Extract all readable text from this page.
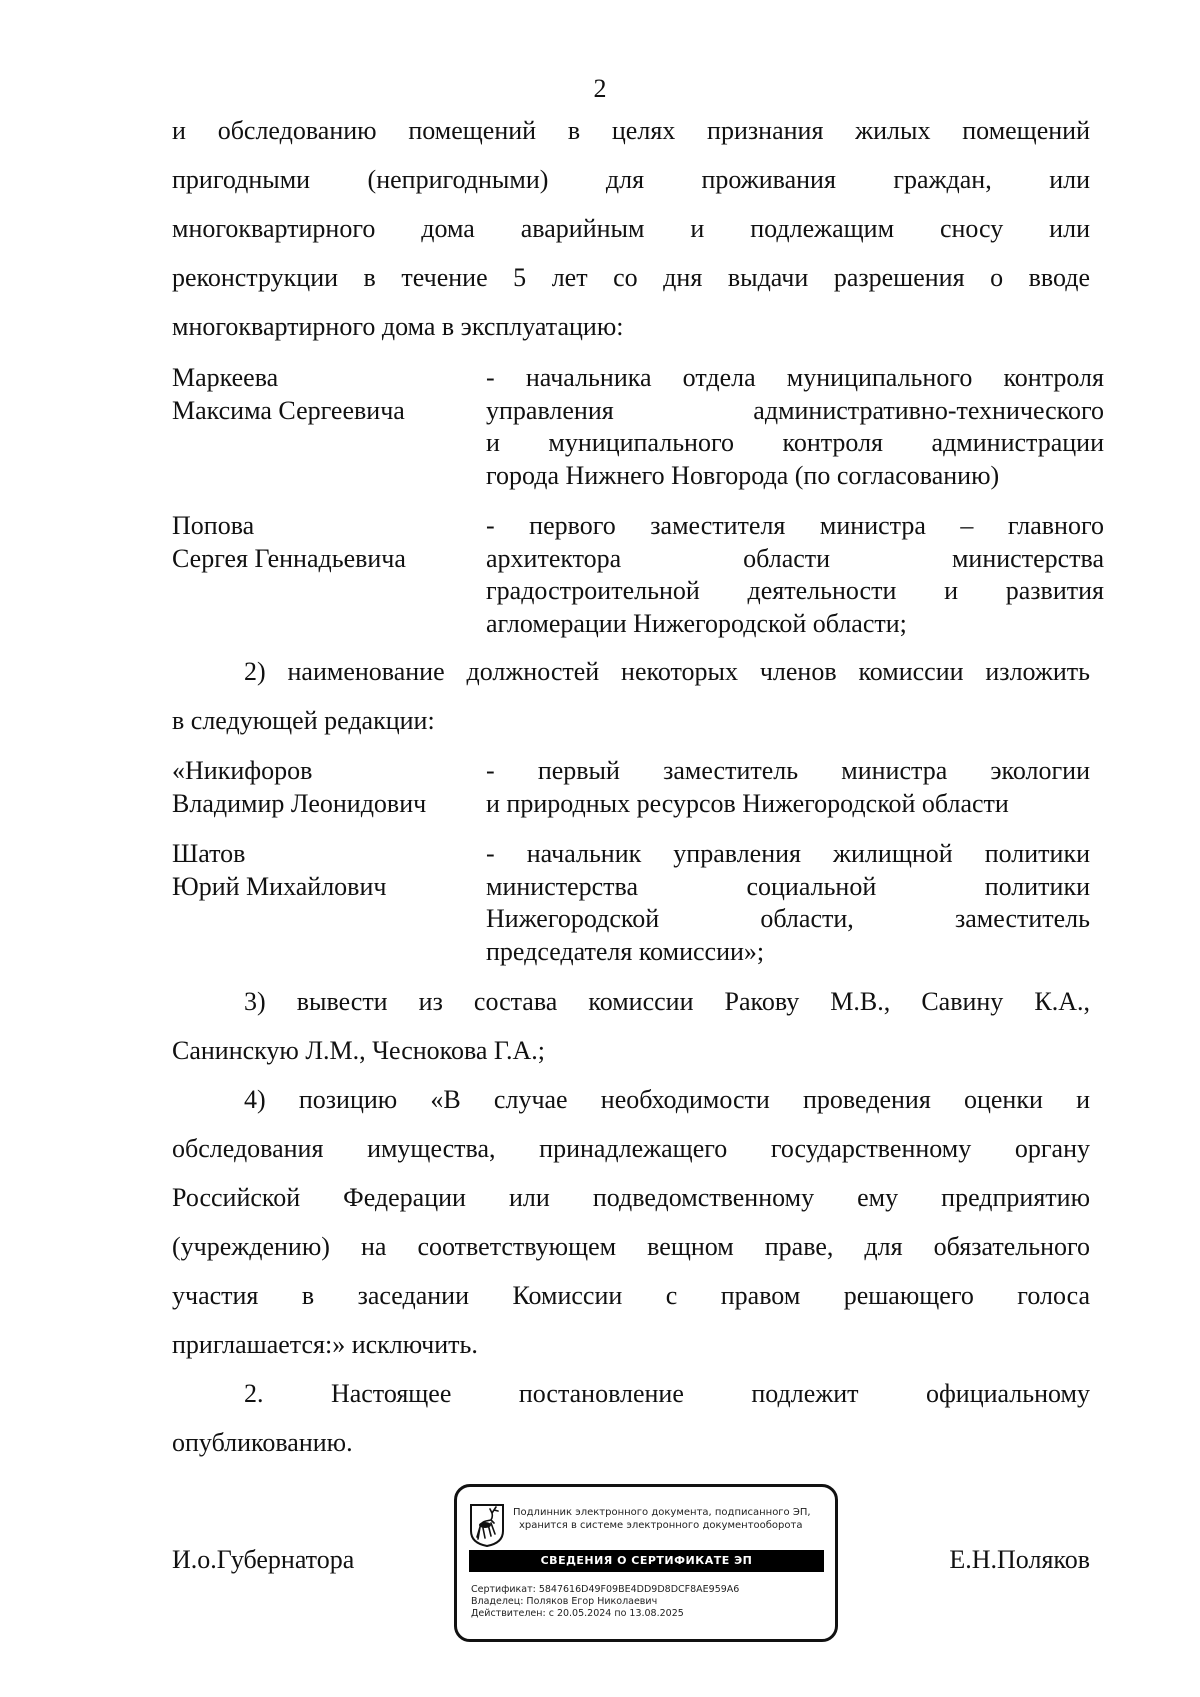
2
и обследованию помещений в целях признания жилых помещений
пригодными (непригодными) для проживания граждан, или
многоквартирного дома аварийным и подлежащим сносу или
реконструкции в течение 5 лет со дня выдачи разрешения о вводе
многоквартирного дома в эксплуатацию:
Маркеева
Максима Сергеевича
- начальника отдела муниципального контроля
управления административно-технического
и муниципального контроля администрации
города Нижнего Новгорода (по согласованию)
Попова
Сергея Геннадьевича
- первого заместителя министра – главного
архитектора области министерства
градостроительной деятельности и развития
агломерации Нижегородской области;
2) наименование должностей некоторых членов комиссии изложить
в следующей редакции:
«Никифоров
Владимир Леонидович
- первый заместитель министра экологии
и природных ресурсов Нижегородской области
Шатов
Юрий Михайлович
- начальник управления жилищной политики
министерства социальной политики
Нижегородской области, заместитель
председателя комиссии»;
3) вывести из состава комиссии Ракову М.В., Савину К.А.,
Санинскую Л.М., Чеснокова Г.А.;
4) позицию «В случае необходимости проведения оценки и
обследования имущества, принадлежащего государственному органу
Российской Федерации или подведомственному ему предприятию
(учреждению) на соответствующем вещном праве, для обязательного
участия в заседании Комиссии с правом решающего голоса
приглашается:» исключить.
2. Настоящее постановление подлежит официальному
опубликованию.
И.о.Губернатора	Е.Н.Поляков
Подлинник электронного документа, подписанного ЭП,
хранится в системе электронного документооборота
СВЕДЕНИЯ О СЕРТИФИКАТЕ ЭП
Сертификат: 5847616D49F09BE4DD9D8DCF8AE959A6
Владелец: Поляков Егор Николаевич
Действителен: с 20.05.2024 по 13.08.2025
